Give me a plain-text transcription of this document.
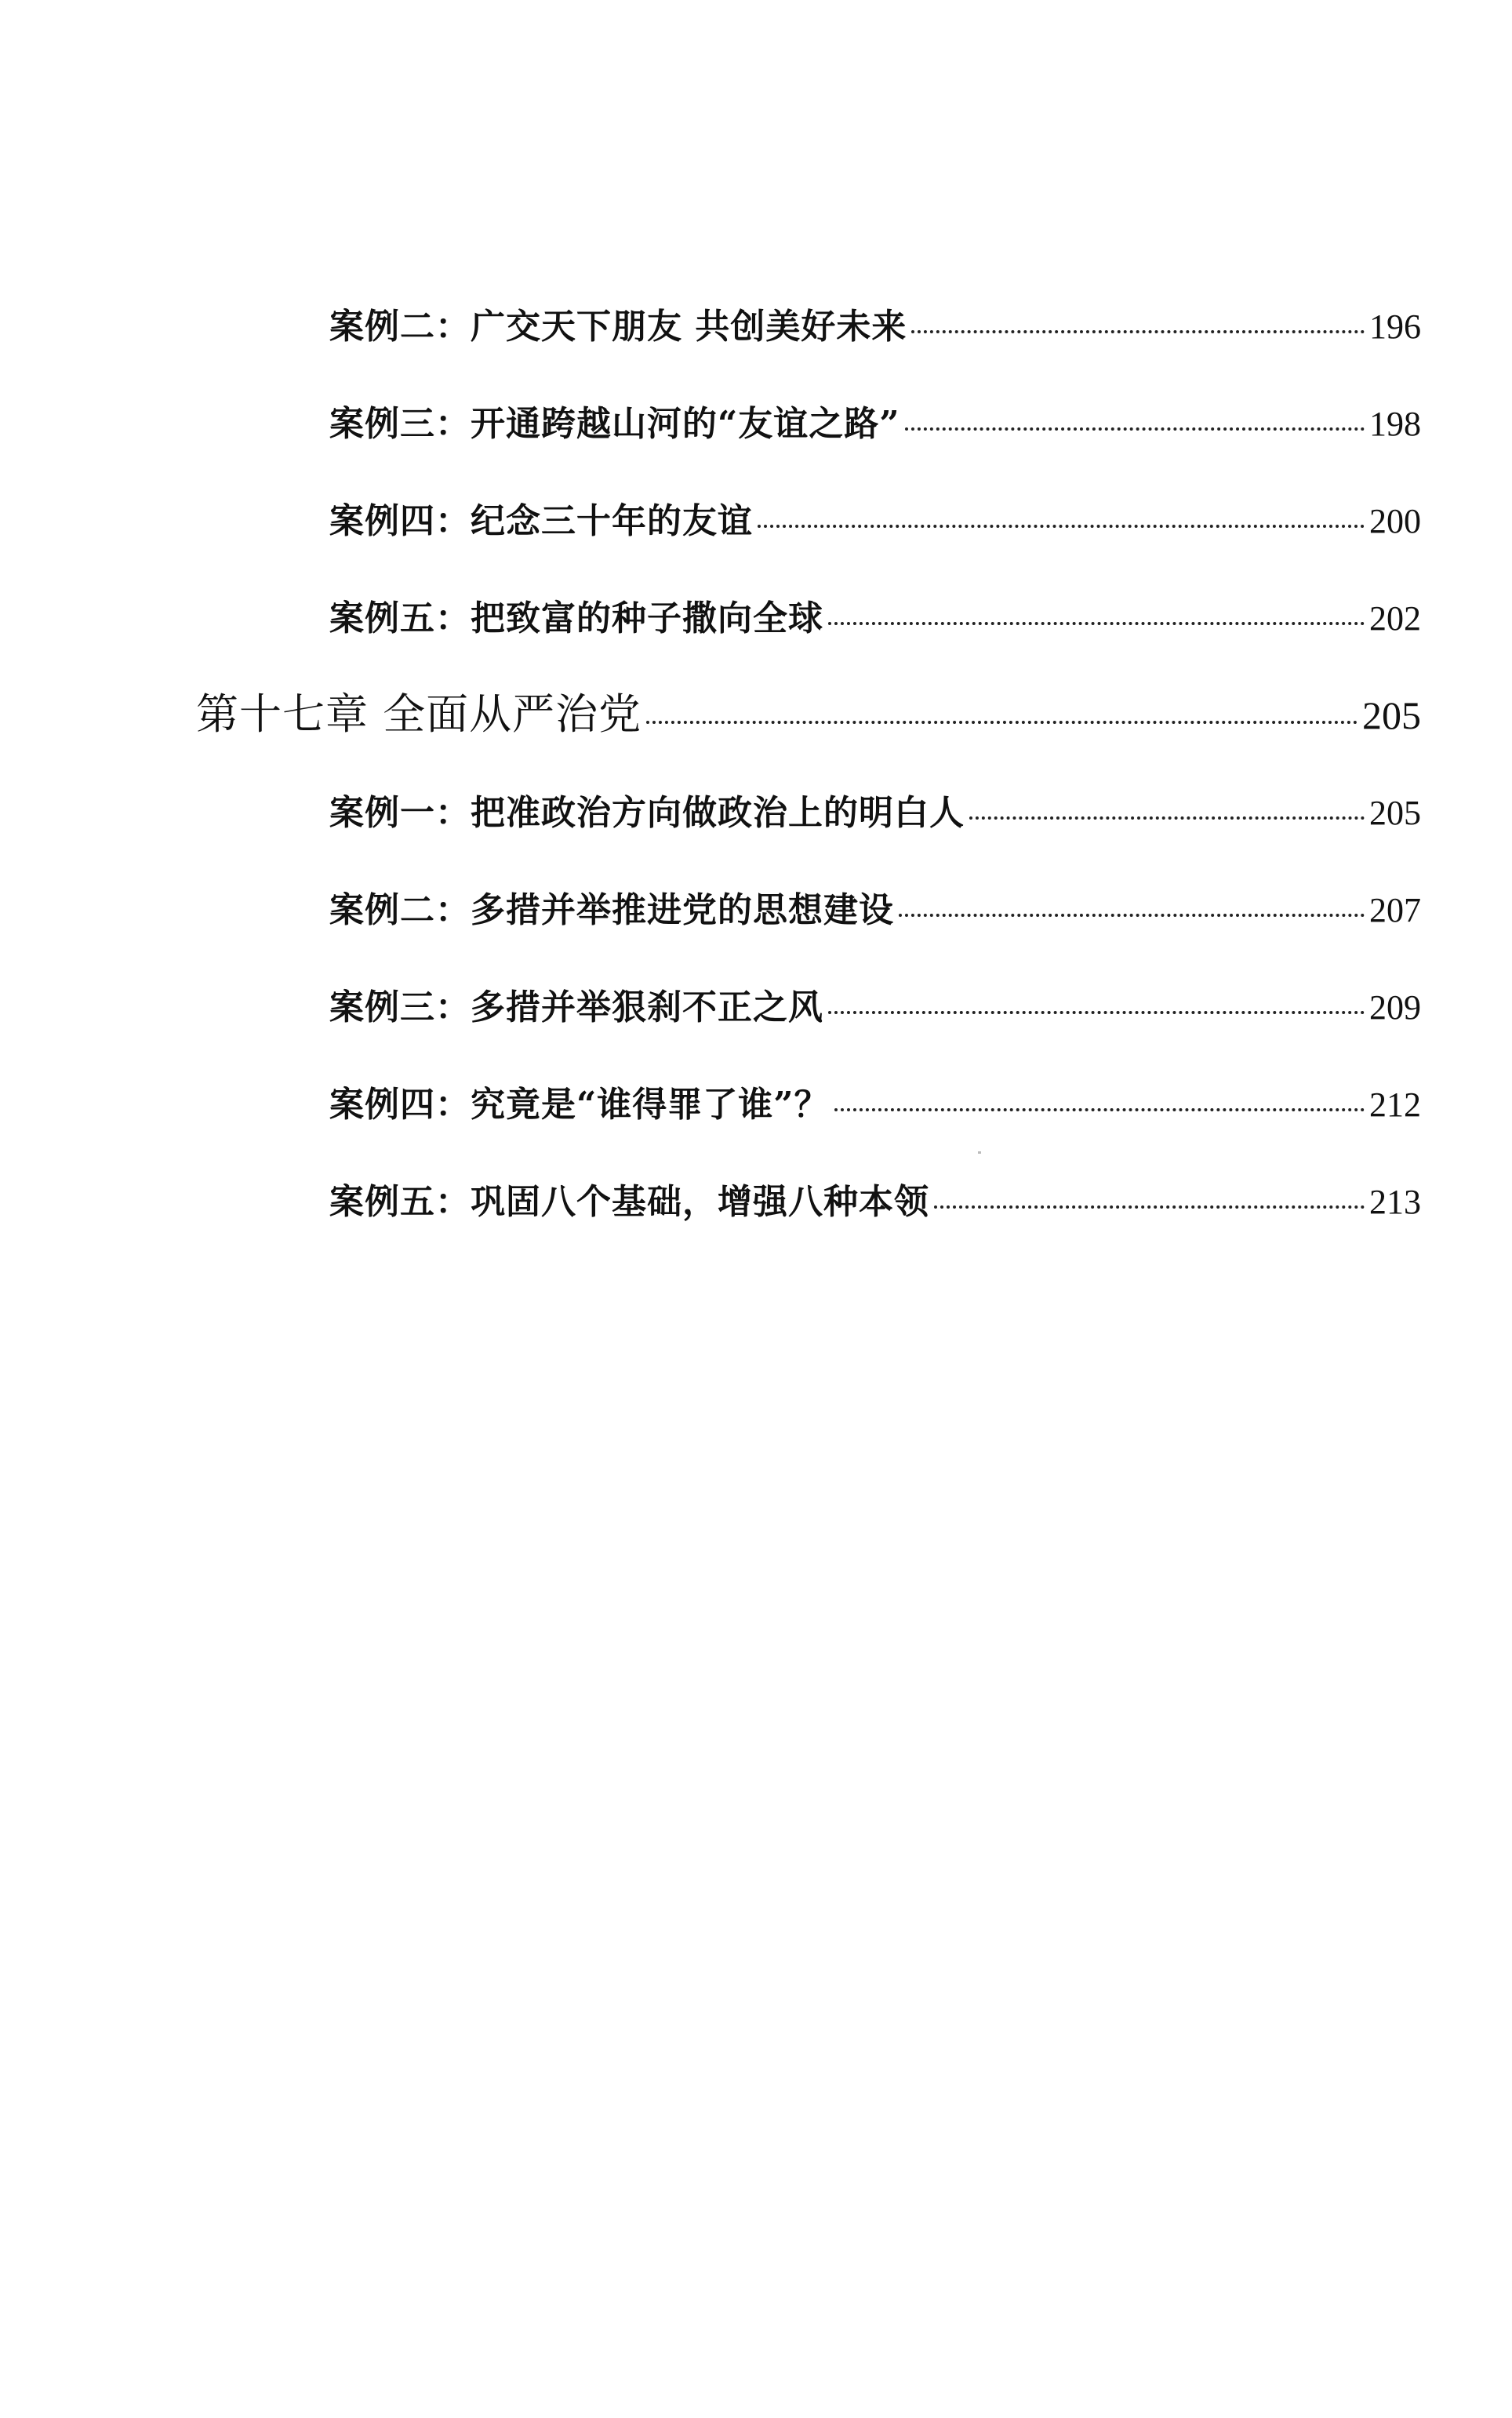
案例二：广交天下朋友 共创美好未来	196
案例三：开通跨越山河的“友谊之路”	198
案例四：纪念三十年的友谊	200
案例五：把致富的种子撒向全球	202
第十七章 全面从严治党	205
案例一：把准政治方向做政治上的明白人	205
案例二：多措并举推进党的思想建设	207
案例三：多措并举狠刹不正之风	209
案例四：究竟是“谁得罪了谁”？	212
案例五：巩固八个基础，增强八种本领	213
